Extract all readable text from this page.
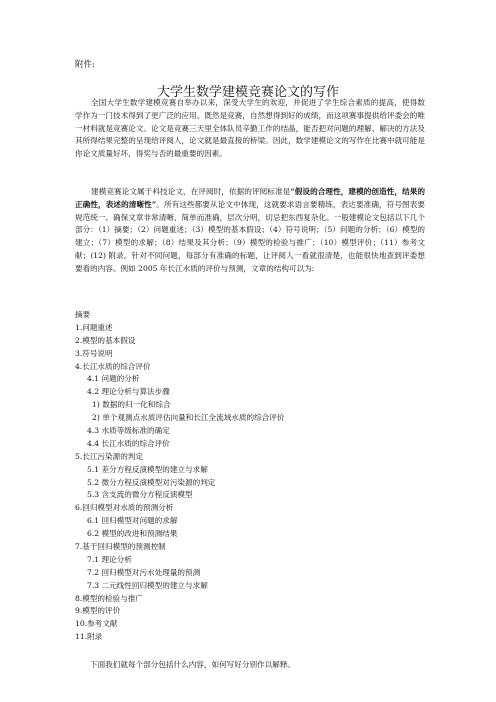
附件:
大学生数学建模竞赛论文的写作
全国大学生数学建模竞赛自举办以来，深受大学生的欢迎，并促进了学生综合素质的提高，使得数学作为一门技术得到了更广泛的应用。既然是竞赛，自然想得到好的成绩，而这项赛事提供给评委会的唯一材料就是竞赛论文。论文是竞赛三天里全体队员辛勤工作的结晶，能否把对问题的理解、解决的方法及其所得结果完整的呈现给评阅人，论文就是最直接的桥梁。因此，数学建模论文的写作在比赛中就可能是你论文质量好坏，得奖与否的最重要的因素。
建模竞赛论文属于科技论文，在评阅时，依据的评阅标准是“假设的合理性，建模的创造性，结果的正确性，表述的清晰性”。所有这些都要从论文中体现，这就要求语言要精练，表达要准确，符号图表要规范统一。确保文章非常清晰、简单而准确，层次分明，切忌把东西复杂化。一般建模论文包括以下几个部分：（1）摘要；（2）问题重述；（3）模型的基本假设；（4）符号说明；（5）问题的分析；（6）模型的建立；（7）模型的求解；（8）结果及其分析；（9）模型的检验与推广；（10）模型评价；（11）参考文献；(12) 附录。针对不同问题，每部分有准确的标题，让评阅人一看就很清楚，也能很快地查到评委想要看的内容。例如 2005 年长江水质的评价与预测，文章的结构可以为:
摘要
1.问题重述
2.模型的基本假设
3.符号说明
4.长江水质的综合评价
4.1 问题的分析
4.2 理论分析与算法步骤
1) 数据的归一化和综合
2) 单个观测点水质评估向量和长江全流域水质的综合评价
4.3 水质等级标准的确定
4.4 长江水质的综合评价
5.长江污染源的判定
5.1 差分方程反演模型的建立与求解
5.2 微分方程反演模型对污染源的判定
5.3 含支流的微分方程反演模型
6.回归模型对水质的预测分析
6.1 回归模型对问题的求解
6.2 模型的改进和预测结果
7.基于回归模型的预测控制
7.1 理论分析
7.2 回归模型对污水处理量的预测
7.3 二元线性回归模型的建立与求解
8.模型的检验与推广
9.模型的评价
10.参考文献
11.附录
下面我们就每个部分包括什么内容，如何写好分别作以解释。
